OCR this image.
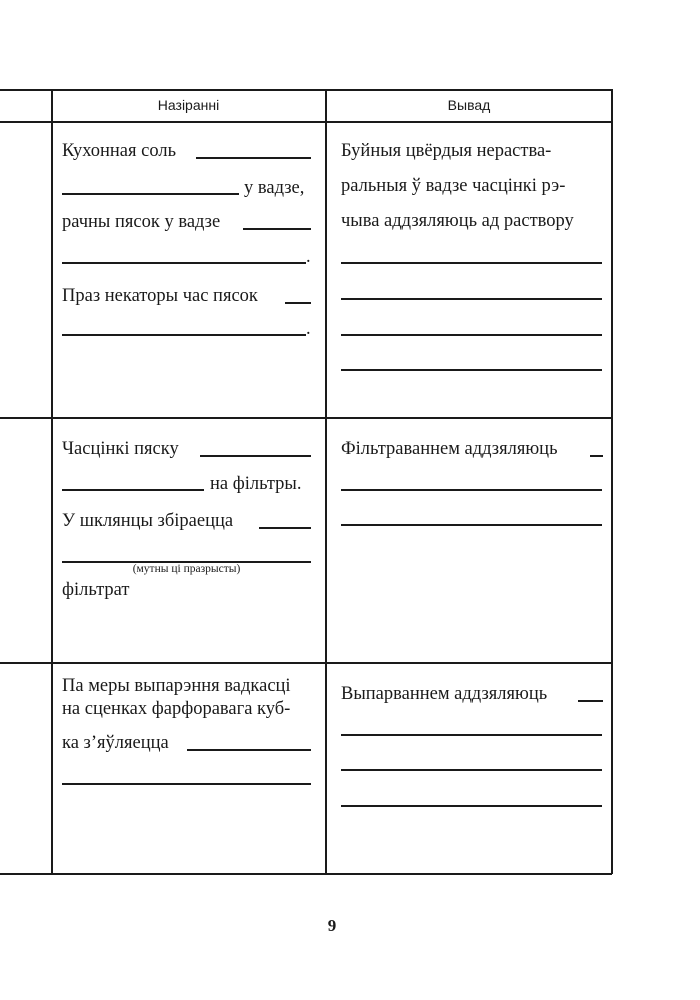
Назіранні	Вывад
Кухонная соль
у вадзе,
рачны пясок у вадзе
.
Праз некаторы час пясок
.
Буйныя цвёрдыя нераства-
ральныя ў вадзе часцінкі рэ-
чыва аддзяляюць ад раствору
Часцінкі пяску
на фільтры.
У шклянцы збіраецца
(мутны ці празрысты)
фільтрат
Фільтраваннем аддзяляюць
Па меры выпарэння вадкасці
на сценках фарфоравага куб-
ка з’яўляецца
Выпарваннем аддзяляюць
9
